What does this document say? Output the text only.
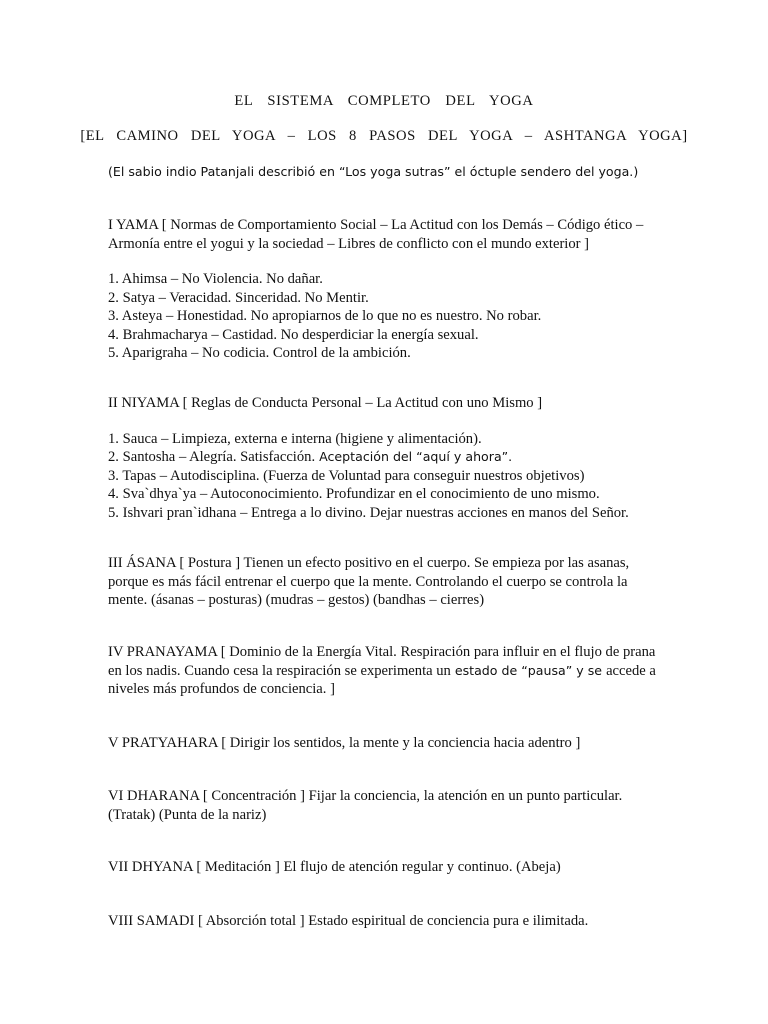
EL  SISTEMA  COMPLETO  DEL  YOGA
[EL  CAMINO  DEL  YOGA  –  LOS  8  PASOS  DEL  YOGA  –  ASHTANGA  YOGA]
(El sabio indio Patanjali describió en “Los yoga sutras” el óctuple sendero del yoga.)

I YAMA [ Normas de Comportamiento Social – La Actitud con los Demás – Código ético – Armonía entre el yogui y la sociedad – Libres de conflicto con el mundo exterior ]

1. Ahimsa – No Violencia. No dañar.
2. Satya – Veracidad. Sinceridad. No Mentir.
3. Asteya – Honestidad. No apropiarnos de lo que no es nuestro. No robar.
4. Brahmacharya – Castidad. No desperdiciar la energía sexual.
5. Aparigraha – No codicia. Control de la ambición.

II NIYAMA [ Reglas de Conducta Personal – La Actitud con uno Mismo ]

1. Sauca – Limpieza, externa e interna (higiene y alimentación).
2. Santosha – Alegría. Satisfacción. Aceptación del “aquí y ahora”.
3. Tapas – Autodisciplina. (Fuerza de Voluntad para conseguir nuestros objetivos)
4. Sva`dhya`ya – Autoconocimiento. Profundizar en el conocimiento de uno mismo.
5. Ishvari pran`idhana – Entrega a lo divino. Dejar nuestras acciones en manos del Señor.

III ÁSANA [ Postura ] Tienen un efecto positivo en el cuerpo. Se empieza por las asanas, porque es más fácil entrenar el cuerpo que la mente. Controlando el cuerpo se controla la mente. (ásanas – posturas) (mudras – gestos) (bandhas – cierres)

IV PRANAYAMA [ Dominio de la Energía Vital. Respiración para influir en el flujo de prana en los nadis. Cuando cesa la respiración se experimenta un estado de “pausa” y se accede a niveles más profundos de conciencia. ]

V PRATYAHARA [ Dirigir los sentidos, la mente y la conciencia hacia adentro ]

VI DHARANA [ Concentración ] Fijar la conciencia, la atención en un punto particular. (Tratak) (Punta de la nariz)

VII DHYANA [ Meditación ] El flujo de atención regular y continuo. (Abeja)

VIII SAMADI [ Absorción total ] Estado espiritual de conciencia pura e ilimitada.
